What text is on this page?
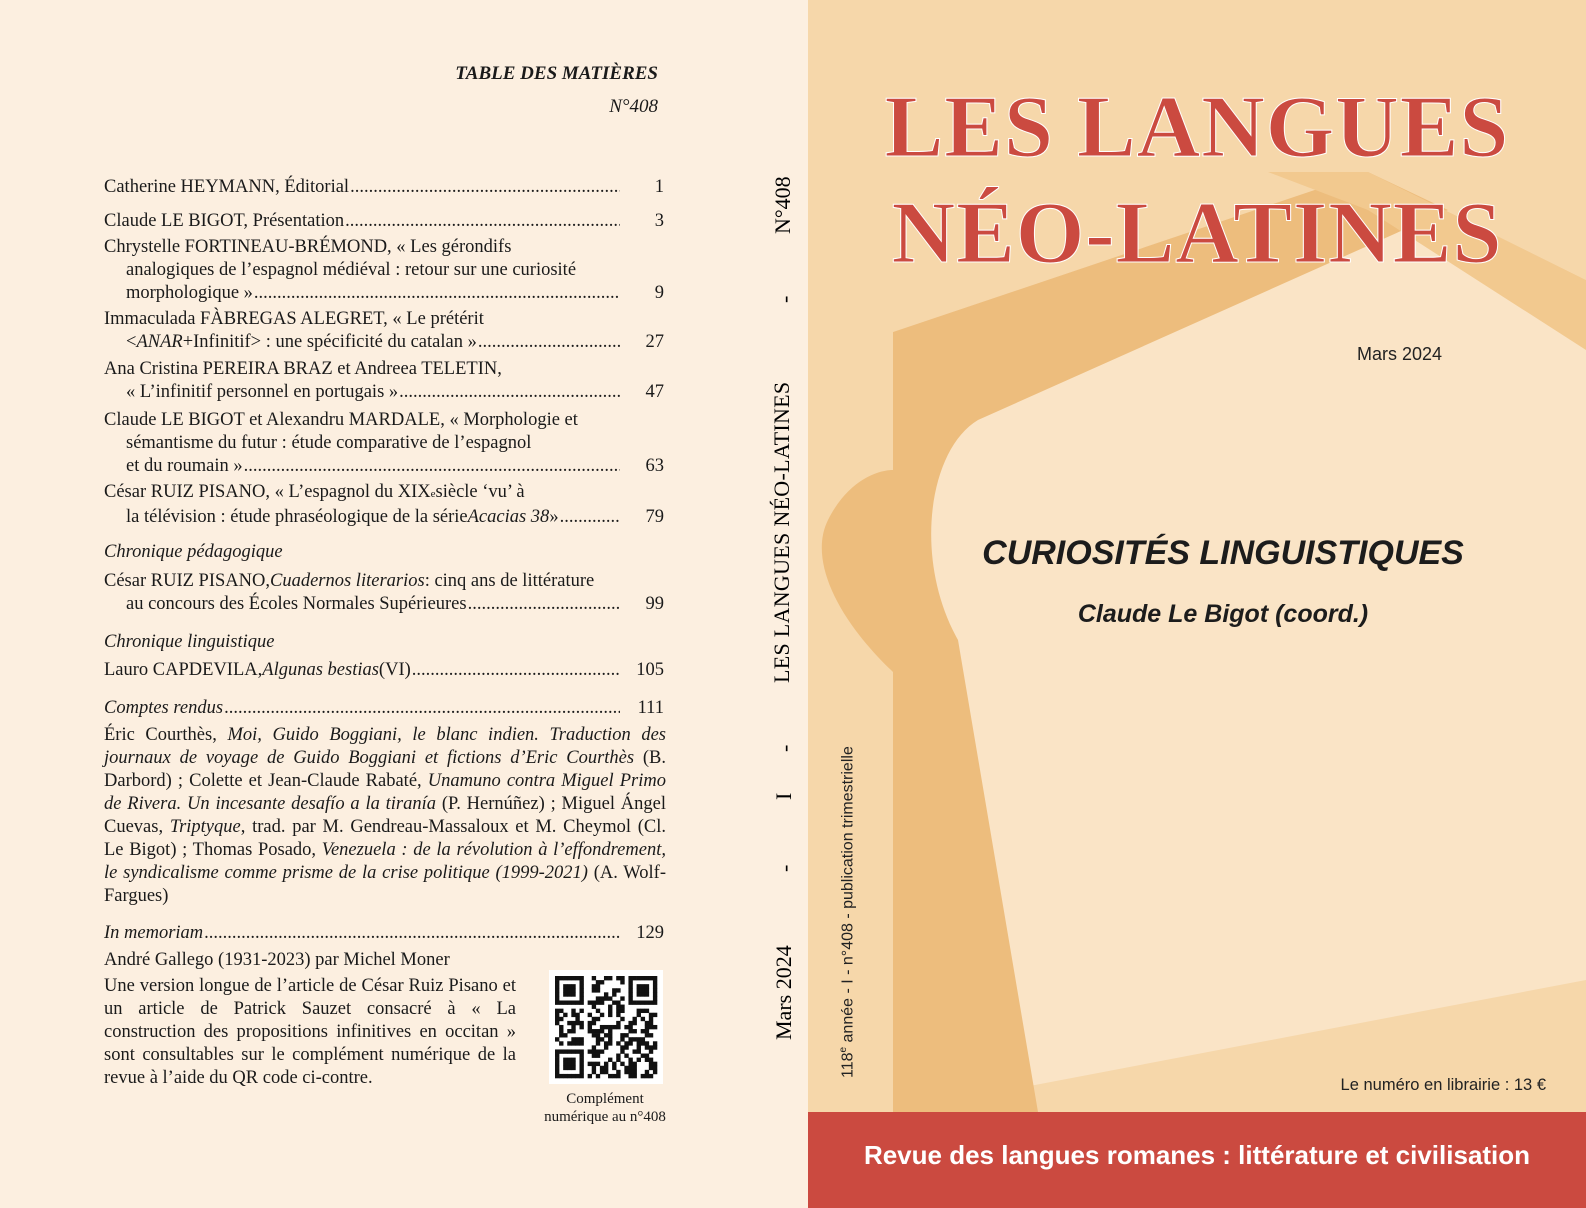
TABLE DES MATIÈRES
N°408
Catherine HEYMANN, Éditorial .....	1
Claude LE BIGOT, Présentation .....	3
Chrystelle FORTINEAU-BRÉMOND, « Les gérondifs
analogiques de l’espagnol médiéval : retour sur une curiosité
morphologique » .....	9
Immaculada FÀBREGAS ALEGRET, « Le prétérit
< ANAR +Infinitif> : une spécificité du catalan » .....	27
Ana Cristina PEREIRA BRAZ et Andreea TELETIN,
« L’infinitif personnel en portugais » .....	47
Claude LE BIGOT et Alexandru MARDALE, « Morphologie et
sémantisme du futur : étude comparative de l’espagnol
et du roumain » .....	63
César RUIZ PISANO, « L’espagnol du XIX e siècle ‘vu’ à
la télévision : étude phraséologique de la série Acacias 38 » .....	79
Chronique pédagogique
César RUIZ PISANO, Cuadernos literarios : cinq ans de littérature
au concours des Écoles Normales Supérieures .....	99
Chronique linguistique
Lauro CAPDEVILA, Algunas bestias (VI) .....	105
Comptes rendus .....	111
Éric Courthès, Moi, Guido Boggiani, le blanc indien. Traduction des journaux de voyage de Guido Boggiani et fictions d’Eric Courthès (B. Darbord) ; Colette et Jean-Claude Rabaté, Unamuno contra Miguel Primo de Rivera. Un incesante desafío a la tiranía (P. Hernúñez) ; Miguel Ángel Cuevas, Triptyque, trad. par M. Gendreau-Massaloux et M. Cheymol (Cl. Le Bigot) ; Thomas Posado, Venezuela : de la révolution à l’effondrement, le syndicalisme comme prisme de la crise politique (1999-2021) (A. Wolf-Fargues)
In memoriam .....	129
André Gallego (1931-2023) par Michel Moner
Une version longue de l’article de César Ruiz Pisano et un article de Patrick Sauzet consacré à « La construction des propositions infinitives en occitan » sont consultables sur le complément numérique de la revue à l’aide du QR code ci-contre.
Complément
numérique au n°408
Mars 2024
-
I
-
LES LANGUES NÉO-LATINES
-
N°408
LES LANGUES
NÉO-LATINES
Mars 2024
118e année - I - n°408 - publication trimestrielle
CURIOSITÉS LINGUISTIQUES
Claude Le Bigot (coord.)
Le numéro en librairie : 13 €
Revue des langues romanes : littérature et civilisation
